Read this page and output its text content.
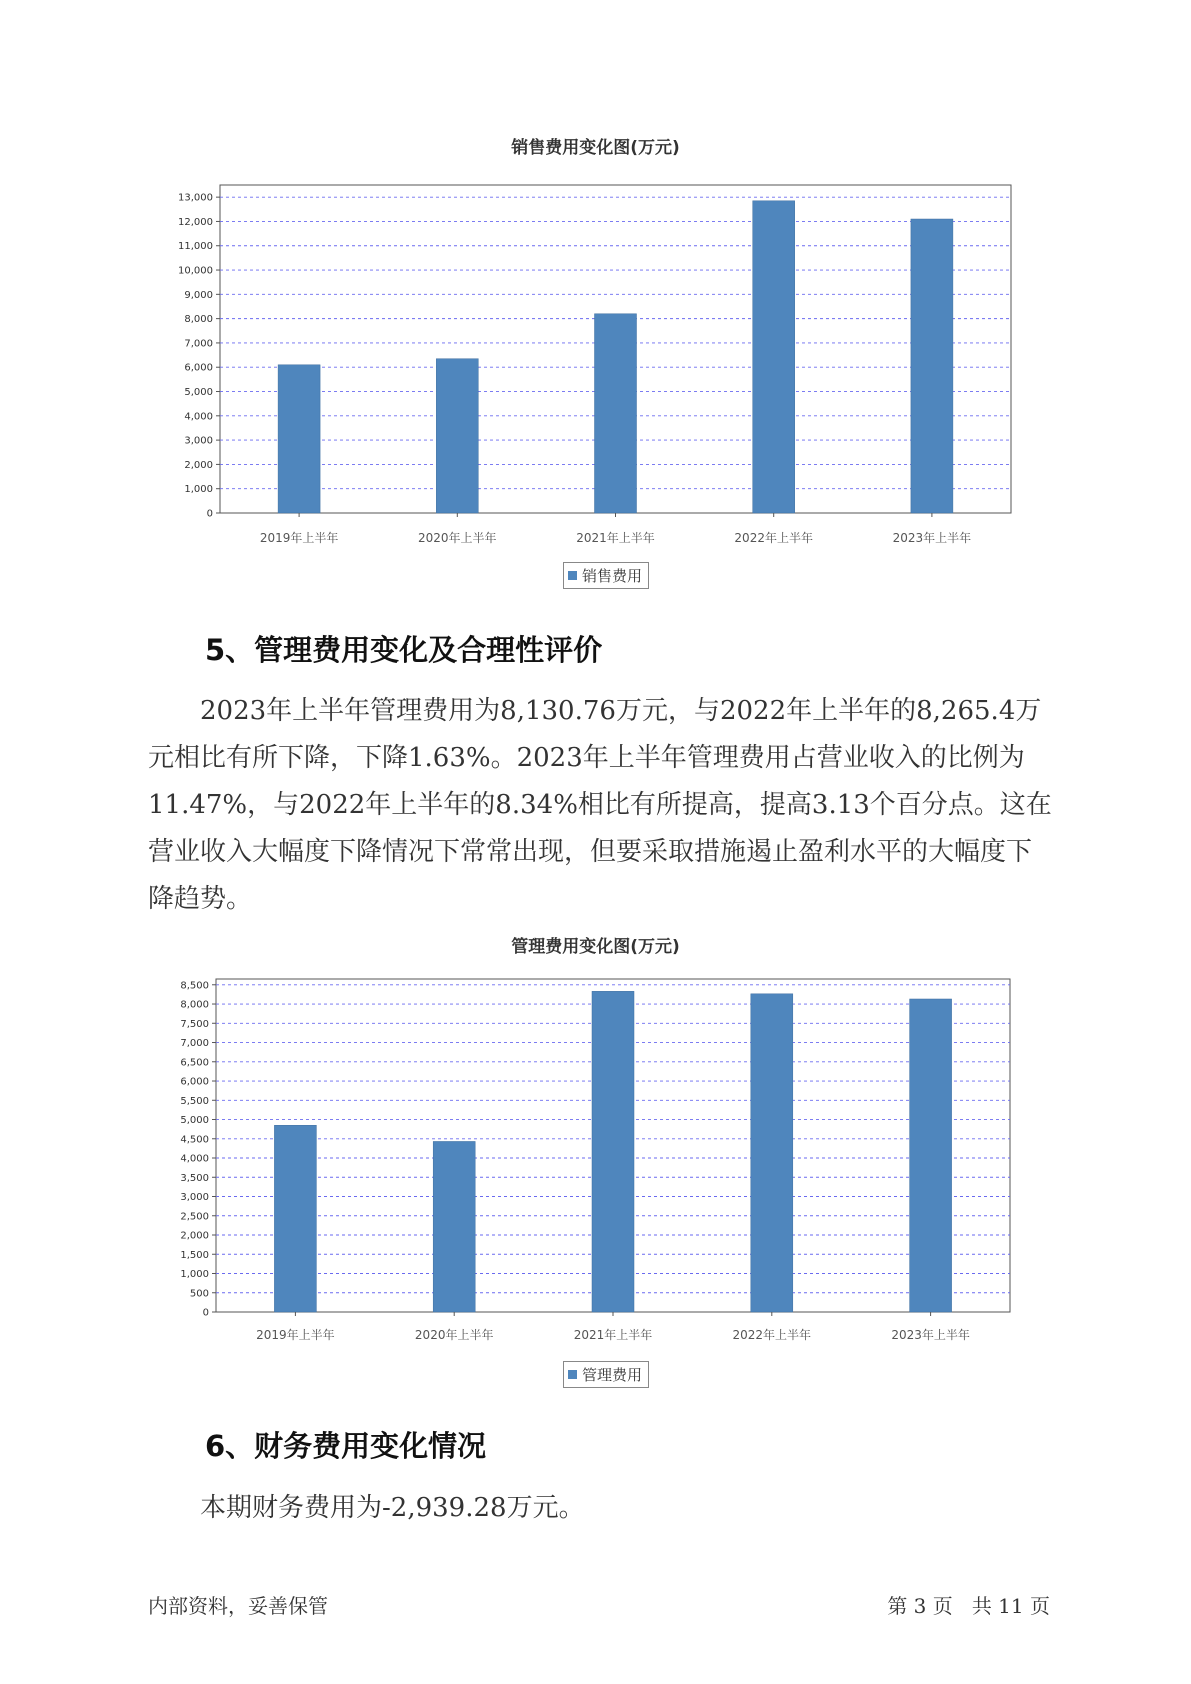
销售费用变化图(万元)
0
1,000
2,000
3,000
4,000
5,000
6,000
7,000
8,000
9,000
10,000
11,000
12,000
13,000
2019年上半年	2020年上半年	2021年上半年	2022年上半年	2023年上半年
销售费用
5、管理费用变化及合理性评价

2023年上半年管理费用为8,130.76万元，与2022年上半年的8,265.4万元相比有所下降，下降1.63%。2023年上半年管理费用占营业收入的比例为11.47%，与2022年上半年的8.34%相比有所提高，提高3.13个百分点。这在营业收入大幅度下降情况下常常出现，但要采取措施遏止盈利水平的大幅度下降趋势。

管理费用变化图(万元)
0
500
1,000
1,500
2,000
2,500
3,000
3,500
4,000
4,500
5,000
5,500
6,000
6,500
7,000
7,500
8,000
8,500
2019年上半年	2020年上半年	2021年上半年	2022年上半年	2023年上半年
管理费用
6、财务费用变化情况

本期财务费用为-2,939.28万元。

内部资料，妥善保管	第 3 页   共 11 页
